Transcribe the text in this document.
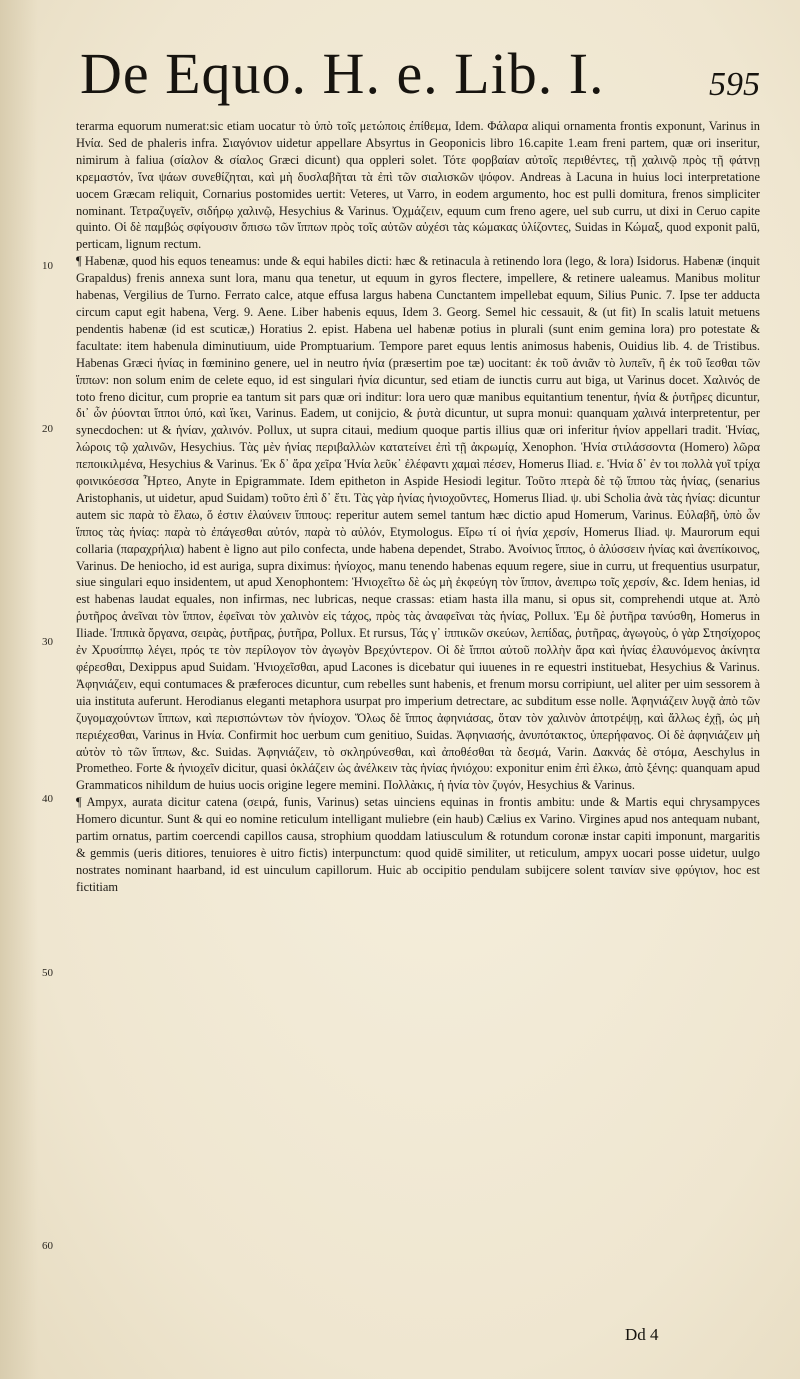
De Equo. H. e. Lib. I.	595
10
20
30
40
50
60

terarma equorum numerat:sic etiam uocatur τὸ ὑπὸ τοῖς μετώποις ἐπίθεμα, Idem. Φάλαρα aliqui ornamenta frontis exponunt, Varinus in Ηνία. Sed de phaleris infra. Σιαγόνιον uidetur appellare Absyrtus in Geoponicis libro 16.capite 1.eam freni partem, quæ ori inseritur, nimirum à faliua (σίαλον & σίαλος Græci dicunt) qua oppleri solet. Τότε φορβαίαν αὐτοῖς περιθέντες, τῇ χαλινῷ πρὸς τῇ φάτνῃ κρεμαστόν, ἵνα ψάων συνεθίζηται, καὶ μὴ δυσλαβῆται τὰ ἐπὶ τῶν σιαλισκῶν ψόφον. Andreas à Lacuna in huius loci interpretatione uocem Græcam reliquit, Cornarius postomides uertit: Veteres, ut Varro, in eodem argumento, hoc est pulli domitura, frenos simpliciter nominant. Τετραζυγεῖν, σιδήρῳ χαλινῷ, Hesychius & Varinus. Ὀχμάζειν, equum cum freno agere, uel sub curru, ut dixi in Ceruo capite quinto. Οἱ δὲ παμβώς σφίγουσιν ὅπισω τῶν ἵππων πρὸς τοῖς αὐτῶν αὐχέσι τὰς κώμακας ὑλίζοντες, Suidas in Κώμαξ, quod exponit palū, perticam, lignum rectum.

¶ Habenæ, quod his equos teneamus: unde & equi habiles dicti: hæc & retinacula à retinendo lora (lego, & lora) Isidorus. Habenæ (inquit Grapaldus) frenis annexa sunt lora, manu qua tenetur, ut equum in gyros flectere, impellere, & retinere ualeamus. Manibus molitur habenas, Vergilius de Turno. Ferrato calce, atque effusa largus habena Cunctantem impellebat equum, Silius Punic. 7. Ipse ter adducta circum caput egit habena, Verg. 9. Aene. Liber habenis equus, Idem 3. Georg. Semel hic cessauit, & (ut fit) In scalis latuit metuens pendentis habenæ (id est scuticæ,) Horatius 2. epist. Habena uel habenæ potius in plurali (sunt enim gemina lora) pro potestate & facultate: item habenula diminutiuum, uide Promptuarium. Tempore paret equus lentis animosus habenis, Ouidius lib. 4. de Tristibus. Habenas Græci ἡνίας in fœminino genere, uel in neutro ἡνία (præsertim poe tæ) uocitant: ἐκ τοῦ ἀνιᾶν τὸ λυπεῖν, ἢ ἐκ τοῦ ἵεσθαι τῶν ἵππων: non solum enim de celete equo, id est singulari ἡνία dicuntur, sed etiam de iunctis curru aut biga, ut Varinus docet. Χαλινός de toto freno dicitur, cum proprie ea tantum sit pars quæ ori inditur: lora uero quæ manibus equitantium tenentur, ἡνία & ῥυτῆρες dicuntur, δι᾽ ὧν ῥύονται ἵπποι ὑπό, καὶ ἵκει, Varinus. Eadem, ut conijcio, & ῥυτὰ dicuntur, ut supra monui: quanquam χαλινά interpretentur, per synecdochen: ut & ἡνίαν, χαλινόν. Pollux, ut supra citaui, medium quoque partis illius quæ ori inferitur ἡνίον appellari tradit. Ἡνίας, λώροις τῷ χαλινῶν, Hesychius. Τὰς μὲν ἡνίας περιβαλλὼν κατατείνει ἐπὶ τῇ ἀκρωμίᾳ, Xenophon. Ἡνία στιλάσσοντα (Homero) λῶρα πεποικιλμένα, Hesychius & Varinus. Ἐκ δ᾽ ἄρα χεῖρα Ἡνία λεῦκ᾽ ἐλέφαντι χαμαὶ πέσεν, Homerus Iliad. ε. Ἡνία δ᾽ ἐν τοι πολλὰ γυῖ τρίχα φοινικόεσσα Ἦρτεο, Anyte in Epigrammate. Idem epitheton in Aspide Hesiodi legitur. Τοῦτο πτερὰ δὲ τῷ ἵππου τὰς ἡνίας, (senarius Aristophanis, ut uidetur, apud Suidam) τοῦτο ἐπὶ δ᾽ ἔτι. Τὰς γὰρ ἡνίας ἡνιοχοῦντες, Homerus Iliad. ψ. ubi Scholia ἀνὰ τὰς ἡνίας: dicuntur autem sic παρὰ τὸ ἔλαω, ὅ ἐστιν ἐλαύνειν ἵππους: reperitur autem semel tantum hæc dictio apud Homerum, Varinus. Εὐλαβῆ, ὑπὸ ὧν ἵππος τὰς ἡνίας: παρὰ τὸ ἐπάγεσθαι αὐτόν, παρὰ τὸ αὐλόν, Etymologus. Εἴρω τί οἱ ἡνία χερσίν, Homerus Iliad. ψ. Maurorum equi collaria (παραχρήλια) habent è ligno aut pilo confecta, unde habena dependet, Strabo. Ἀνοίνιος ἵππος, ὁ ἀλύσσειν ἡνίας καὶ ἀνεπίκοινος, Varinus. De heniocho, id est auriga, supra diximus: ἡνίοχος, manu tenendo habenas equum regere, siue in curru, ut frequentius usurpatur, siue singulari equo insidentem, ut apud Xenophontem: Ἡνιοχεῖτω δὲ ὡς μὴ ἐκφεύγη τὸν ἵππον, ἀνεπιρω τοῖς χερσίν, &c. Idem henias, id est habenas laudat equales, non infirmas, nec lubricas, neque crassas: etiam hasta illa manu, si opus sit, comprehendi utque at. Ἀπὸ ῥυτῆρος ἀνεῖναι τὸν ἵππον, ἐφεῖναι τὸν χαλινὸν εἰς τάχος, πρὸς τὰς ἀναφεῖναι τὰς ἡνίας, Pollux. Ἐμ δὲ ῥυτῆρα τανύσθη, Homerus in Iliade. Ἱππικὰ ὄργανα, σειρὰς, ῥυτῆρας, ῥυτῆρα, Pollux. Et rursus, Τάς γ᾽ ἱππικῶν σκεύων, λεπίδας, ῥυτῆρας, ἀγωγοὺς, ὁ γὰρ Στησίχορος ἐν Χρυσίππῳ λέγει, πρός τε τὸν περίλογον τὸν ἀγωγὸν Βρεχύντερον. Οἱ δὲ ἵπποι αὐτοῦ πολλὴν ἄρα καὶ ἡνίας ἐλαυνόμενος ἀκίνητα φέρεσθαι, Dexippus apud Suidam. Ἡνιοχεῖσθαι, apud Lacones is dicebatur qui iuuenes in re equestri instituebat, Hesychius & Varinus. Ἀφηνιάζειν, equi contumaces & præferoces dicuntur, cum rebelles sunt habenis, et frenum morsu corripiunt, uel aliter per uim sessorem à uia instituta auferunt. Herodianus eleganti metaphora usurpat pro imperium detrectare, ac subditum esse nolle. Ἀφηνιάζειν λυγᾷ ἀπὸ τῶν ζυγομαχούντων ἵππων, καὶ περισπώντων τὸν ἡνίοχον. Ὅλως δὲ ἵππος ἀφηνιάσας, ὅταν τὸν χαλινὸν ἀποτρέψῃ, καὶ ἄλλως ἐχῇ, ὡς μὴ περιέχεσθαι, Varinus in Ηνία. Confirmit hoc uerbum cum genitiuo, Suidas. Ἀφηνιασής, ἀνυπότακτος, ὑπερήφανος. Οἱ δὲ ἀφηνιάζειν μὴ αὐτὸν τὸ τῶν ἵππων, &c. Suidas. Ἀφηνιάζειν, τὸ σκληρύνεσθαι, καὶ ἀποθέσθαι τὰ δεσμά, Varin. Δακνάς δὲ στόμα, Aeschylus in Prometheo. Forte & ἡνιοχεῖν dicitur, quasi ὀκλάζειν ὡς ἀνέλκειν τὰς ἡνίας ἡνιόχου: exponitur enim ἐπὶ ἐλκω, ἀπὸ ξένης: quanquam apud Grammaticos nihildum de huius uocis origine legere memini. Πολλὰκις, ἡ ἡνία τὸν ζυγόν, Hesychius & Varinus.

¶ Ampyx, aurata dicitur catena (σειρά, funis, Varinus) setas uinciens equinas in frontis ambitu: unde & Martis equi chrysampyces Homero dicuntur. Sunt & qui eo nomine reticulum intelligant muliebre (ein haub) Cælius ex Varino. Virgines apud nos antequam nubant, partim ornatus, partim coercendi capillos causa, strophium quoddam latiusculum & rotundum coronæ instar capiti imponunt, margaritis & gemmis (ueris ditiores, tenuiores è uitro fictis) interpunctum: quod quidē similiter, ut reticulum, ampyx uocari posse uidetur, uulgo nostrates nominant haarband, id est uinculum capillorum. Huic ab occipitio pendulam subijcere solent ταινίαν sive φρύγιον, hoc est fictitiam

Dd 4
